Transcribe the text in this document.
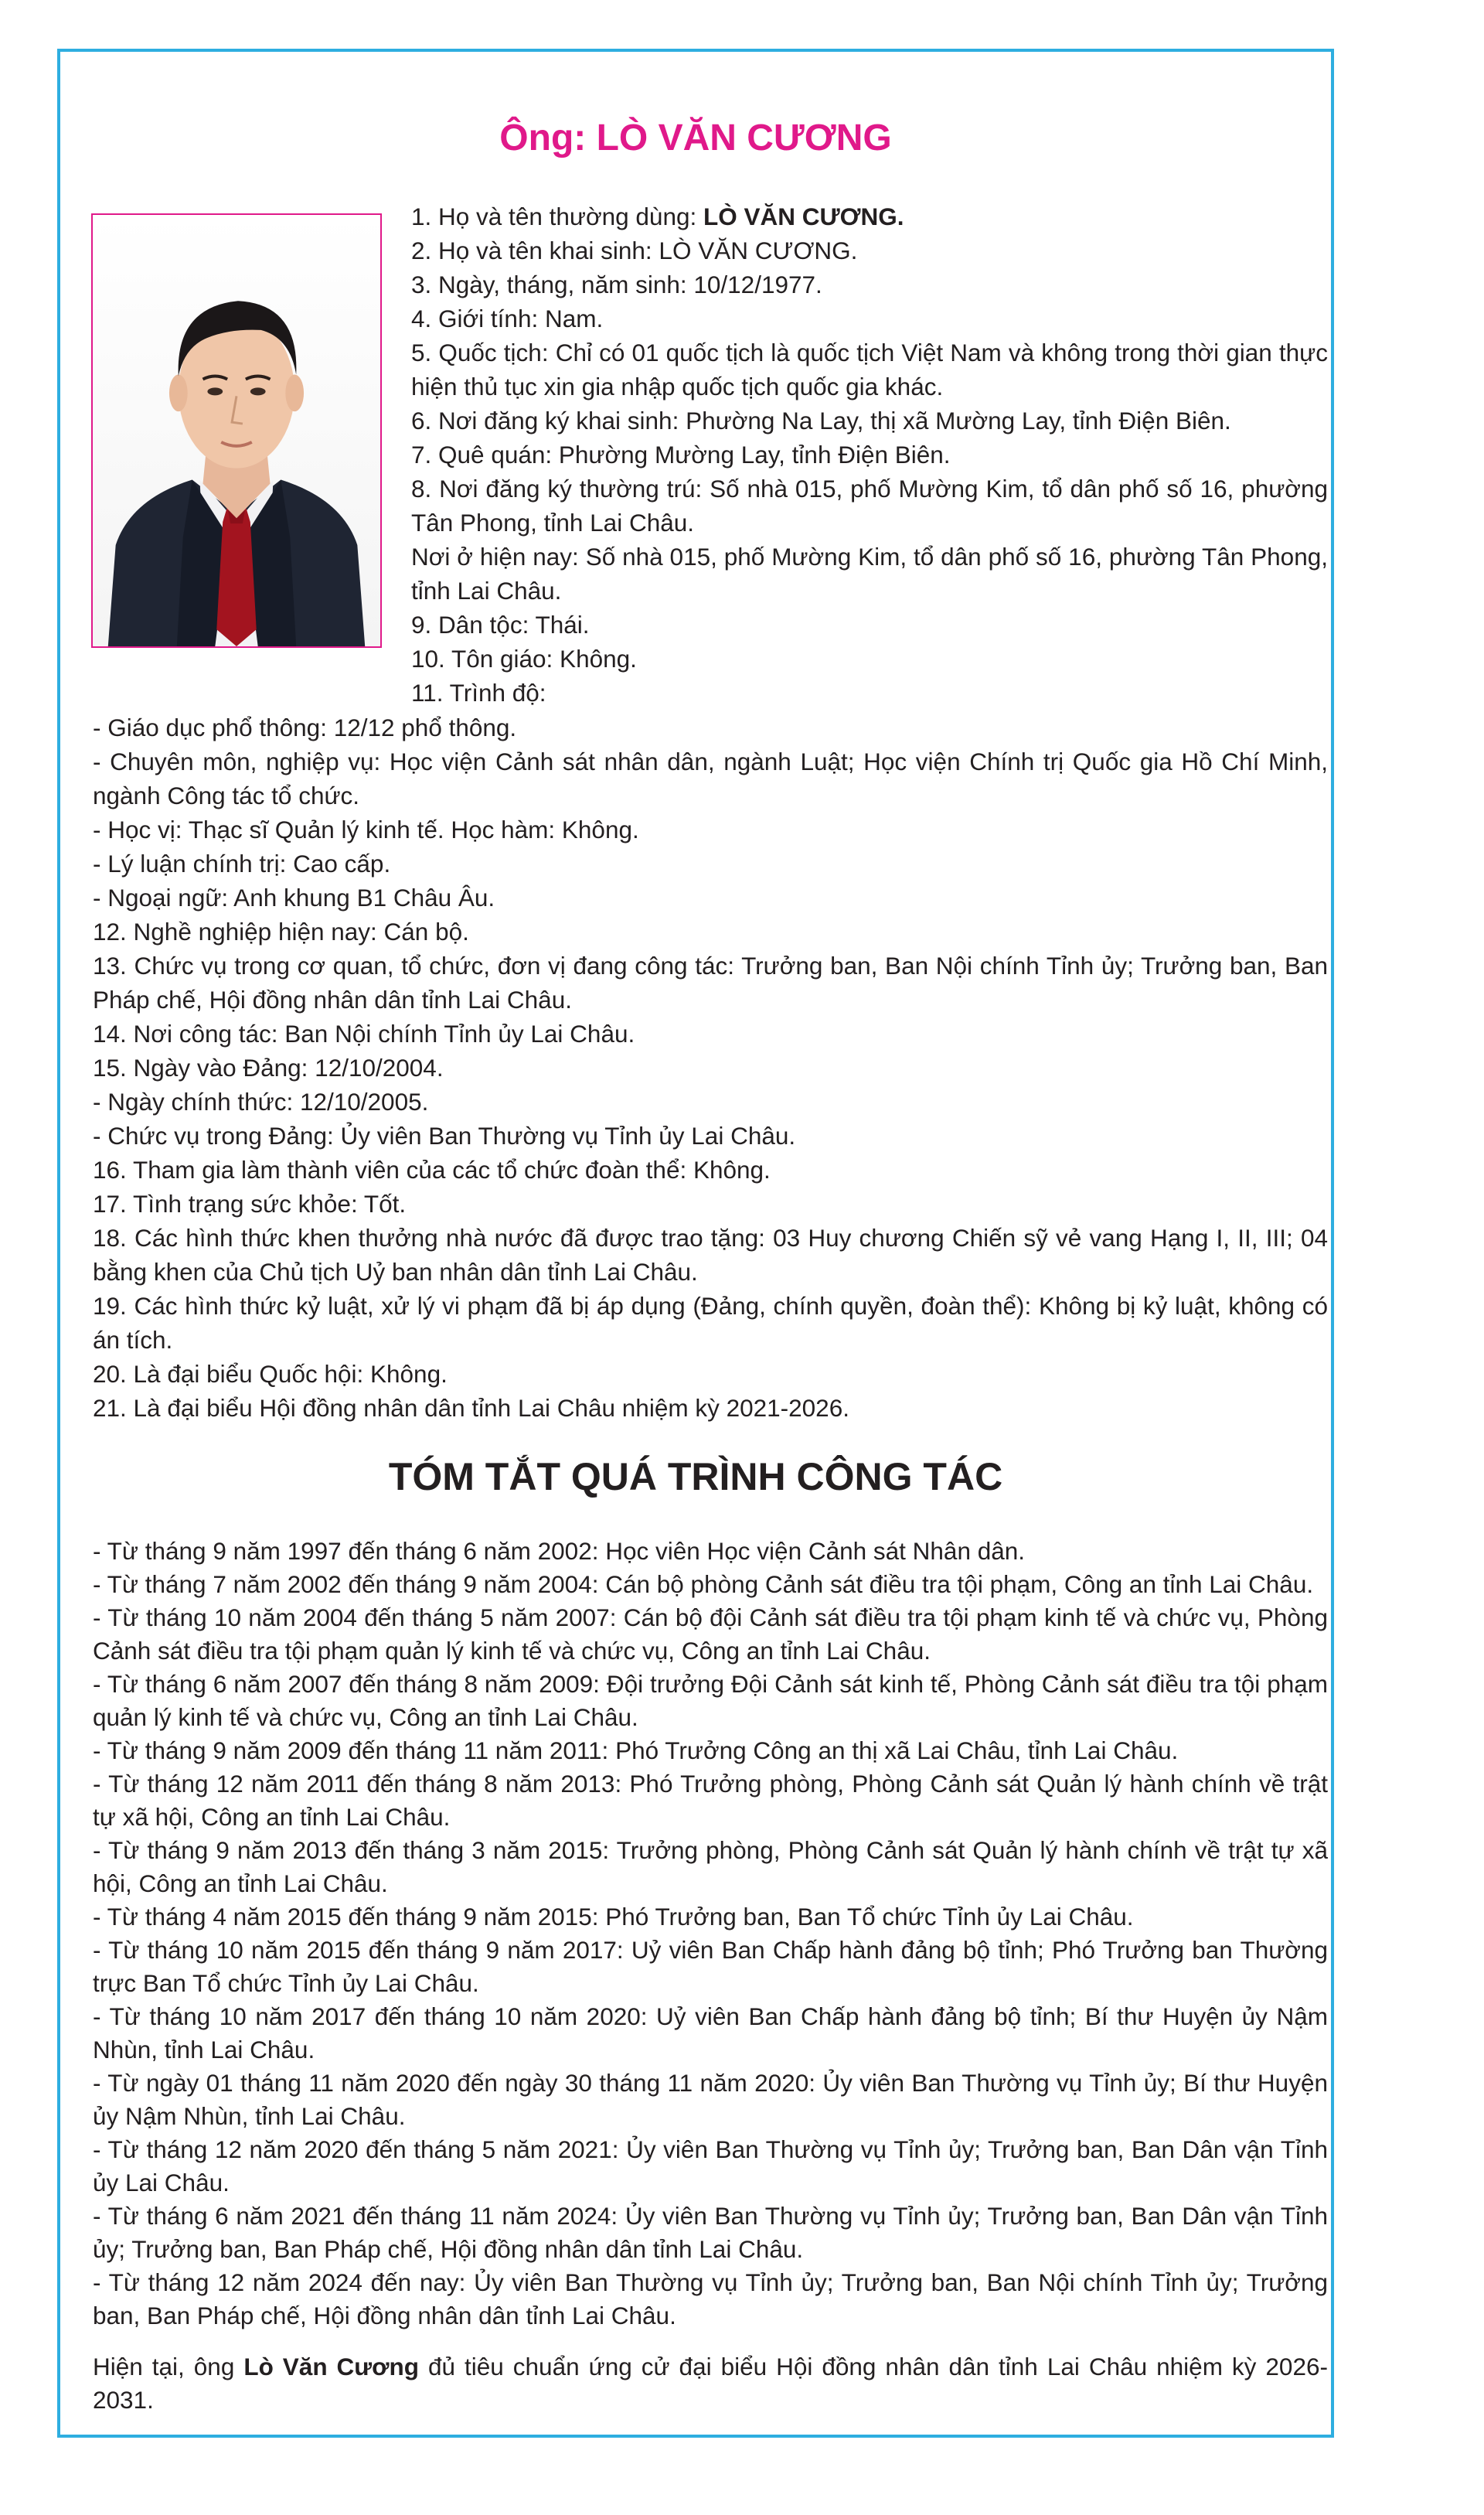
Ông: LÒ VĂN CƯƠNG
1. Họ và tên thường dùng: LÒ VĂN CƯƠNG.
2. Họ và tên khai sinh: LÒ VĂN CƯƠNG.
3. Ngày, tháng, năm sinh: 10/12/1977.
4. Giới tính: Nam.
5. Quốc tịch: Chỉ có 01 quốc tịch là quốc tịch Việt Nam và không trong thời gian thực hiện thủ tục xin gia nhập quốc tịch quốc gia khác.
6. Nơi đăng ký khai sinh: Phường Na Lay, thị xã Mường Lay, tỉnh Điện Biên.
7. Quê quán: Phường Mường Lay, tỉnh Điện Biên.
8. Nơi đăng ký thường trú: Số nhà 015, phố Mường Kim, tổ dân phố số 16, phường Tân Phong, tỉnh Lai Châu.
Nơi ở hiện nay: Số nhà 015, phố Mường Kim, tổ dân phố số 16, phường Tân Phong, tỉnh Lai Châu.
9. Dân tộc: Thái.
10. Tôn giáo: Không.
11. Trình độ:
- Giáo dục phổ thông: 12/12 phổ thông.
- Chuyên môn, nghiệp vụ: Học viện Cảnh sát nhân dân, ngành Luật; Học viện Chính trị Quốc gia Hồ Chí Minh, ngành Công tác tổ chức.
- Học vị: Thạc sĩ Quản lý kinh tế. Học hàm: Không.
- Lý luận chính trị: Cao cấp.
- Ngoại ngữ: Anh khung B1 Châu Âu.
12. Nghề nghiệp hiện nay: Cán bộ.
13. Chức vụ trong cơ quan, tổ chức, đơn vị đang công tác: Trưởng ban, Ban Nội chính Tỉnh ủy; Trưởng ban, Ban Pháp chế, Hội đồng nhân dân tỉnh Lai Châu.
14. Nơi công tác: Ban Nội chính Tỉnh ủy Lai Châu.
15. Ngày vào Đảng: 12/10/2004.
- Ngày chính thức: 12/10/2005.
- Chức vụ trong Đảng: Ủy viên Ban Thường vụ Tỉnh ủy Lai Châu.
16. Tham gia làm thành viên của các tổ chức đoàn thể: Không.
17. Tình trạng sức khỏe: Tốt.
18. Các hình thức khen thưởng nhà nước đã được trao tặng: 03 Huy chương Chiến sỹ vẻ vang Hạng I, II, III; 04 bằng khen của Chủ tịch Uỷ ban nhân dân tỉnh Lai Châu.
19. Các hình thức kỷ luật, xử lý vi phạm đã bị áp dụng (Đảng, chính quyền, đoàn thể): Không bị kỷ luật, không có án tích.
20. Là đại biểu Quốc hội: Không.
21. Là đại biểu Hội đồng nhân dân tỉnh Lai Châu nhiệm kỳ 2021-2026.
TÓM TẮT QUÁ TRÌNH CÔNG TÁC
- Từ tháng 9 năm 1997 đến tháng 6 năm 2002: Học viên Học viện Cảnh sát Nhân dân.
- Từ tháng 7 năm 2002 đến tháng 9 năm 2004: Cán bộ phòng Cảnh sát điều tra tội phạm, Công an tỉnh Lai Châu.
- Từ tháng 10 năm 2004 đến tháng 5 năm 2007: Cán bộ đội Cảnh sát điều tra tội phạm kinh tế và chức vụ, Phòng Cảnh sát điều tra tội phạm quản lý kinh tế và chức vụ, Công an tỉnh Lai Châu.
- Từ tháng 6 năm 2007 đến tháng 8 năm 2009: Đội trưởng Đội Cảnh sát kinh tế, Phòng Cảnh sát điều tra tội phạm quản lý kinh tế và chức vụ, Công an tỉnh Lai Châu.
- Từ tháng 9 năm 2009 đến tháng 11 năm 2011: Phó Trưởng Công an thị xã Lai Châu, tỉnh Lai Châu.
- Từ tháng 12 năm 2011 đến tháng 8 năm 2013: Phó Trưởng phòng, Phòng Cảnh sát Quản lý hành chính về trật tự xã hội, Công an tỉnh Lai Châu.
- Từ tháng 9 năm 2013 đến tháng 3 năm 2015: Trưởng phòng, Phòng Cảnh sát Quản lý hành chính về trật tự xã hội, Công an tỉnh Lai Châu.
- Từ tháng 4 năm 2015 đến tháng 9 năm 2015: Phó Trưởng ban, Ban Tổ chức Tỉnh ủy Lai Châu.
- Từ tháng 10 năm 2015 đến tháng 9 năm 2017: Uỷ viên Ban Chấp hành đảng bộ tỉnh; Phó Trưởng ban Thường trực Ban Tổ chức Tỉnh ủy Lai Châu.
- Từ tháng 10 năm 2017 đến tháng 10 năm 2020: Uỷ viên Ban Chấp hành đảng bộ tỉnh; Bí thư Huyện ủy Nậm Nhùn, tỉnh Lai Châu.
- Từ ngày 01 tháng 11 năm 2020 đến ngày 30 tháng 11 năm 2020: Ủy viên Ban Thường vụ Tỉnh ủy; Bí thư Huyện ủy Nậm Nhùn, tỉnh Lai Châu.
- Từ tháng 12 năm 2020 đến tháng 5 năm 2021: Ủy viên Ban Thường vụ Tỉnh ủy; Trưởng ban, Ban Dân vận Tỉnh ủy Lai Châu.
- Từ tháng 6 năm 2021 đến tháng 11 năm 2024: Ủy viên Ban Thường vụ Tỉnh ủy; Trưởng ban, Ban Dân vận Tỉnh ủy; Trưởng ban, Ban Pháp chế, Hội đồng nhân dân tỉnh Lai Châu.
- Từ tháng 12 năm 2024 đến nay: Ủy viên Ban Thường vụ Tỉnh ủy; Trưởng ban, Ban Nội chính Tỉnh ủy; Trưởng ban, Ban Pháp chế, Hội đồng nhân dân tỉnh Lai Châu.

Hiện tại, ông Lò Văn Cương đủ tiêu chuẩn ứng cử đại biểu Hội đồng nhân dân tỉnh Lai Châu nhiệm kỳ 2026-2031.
